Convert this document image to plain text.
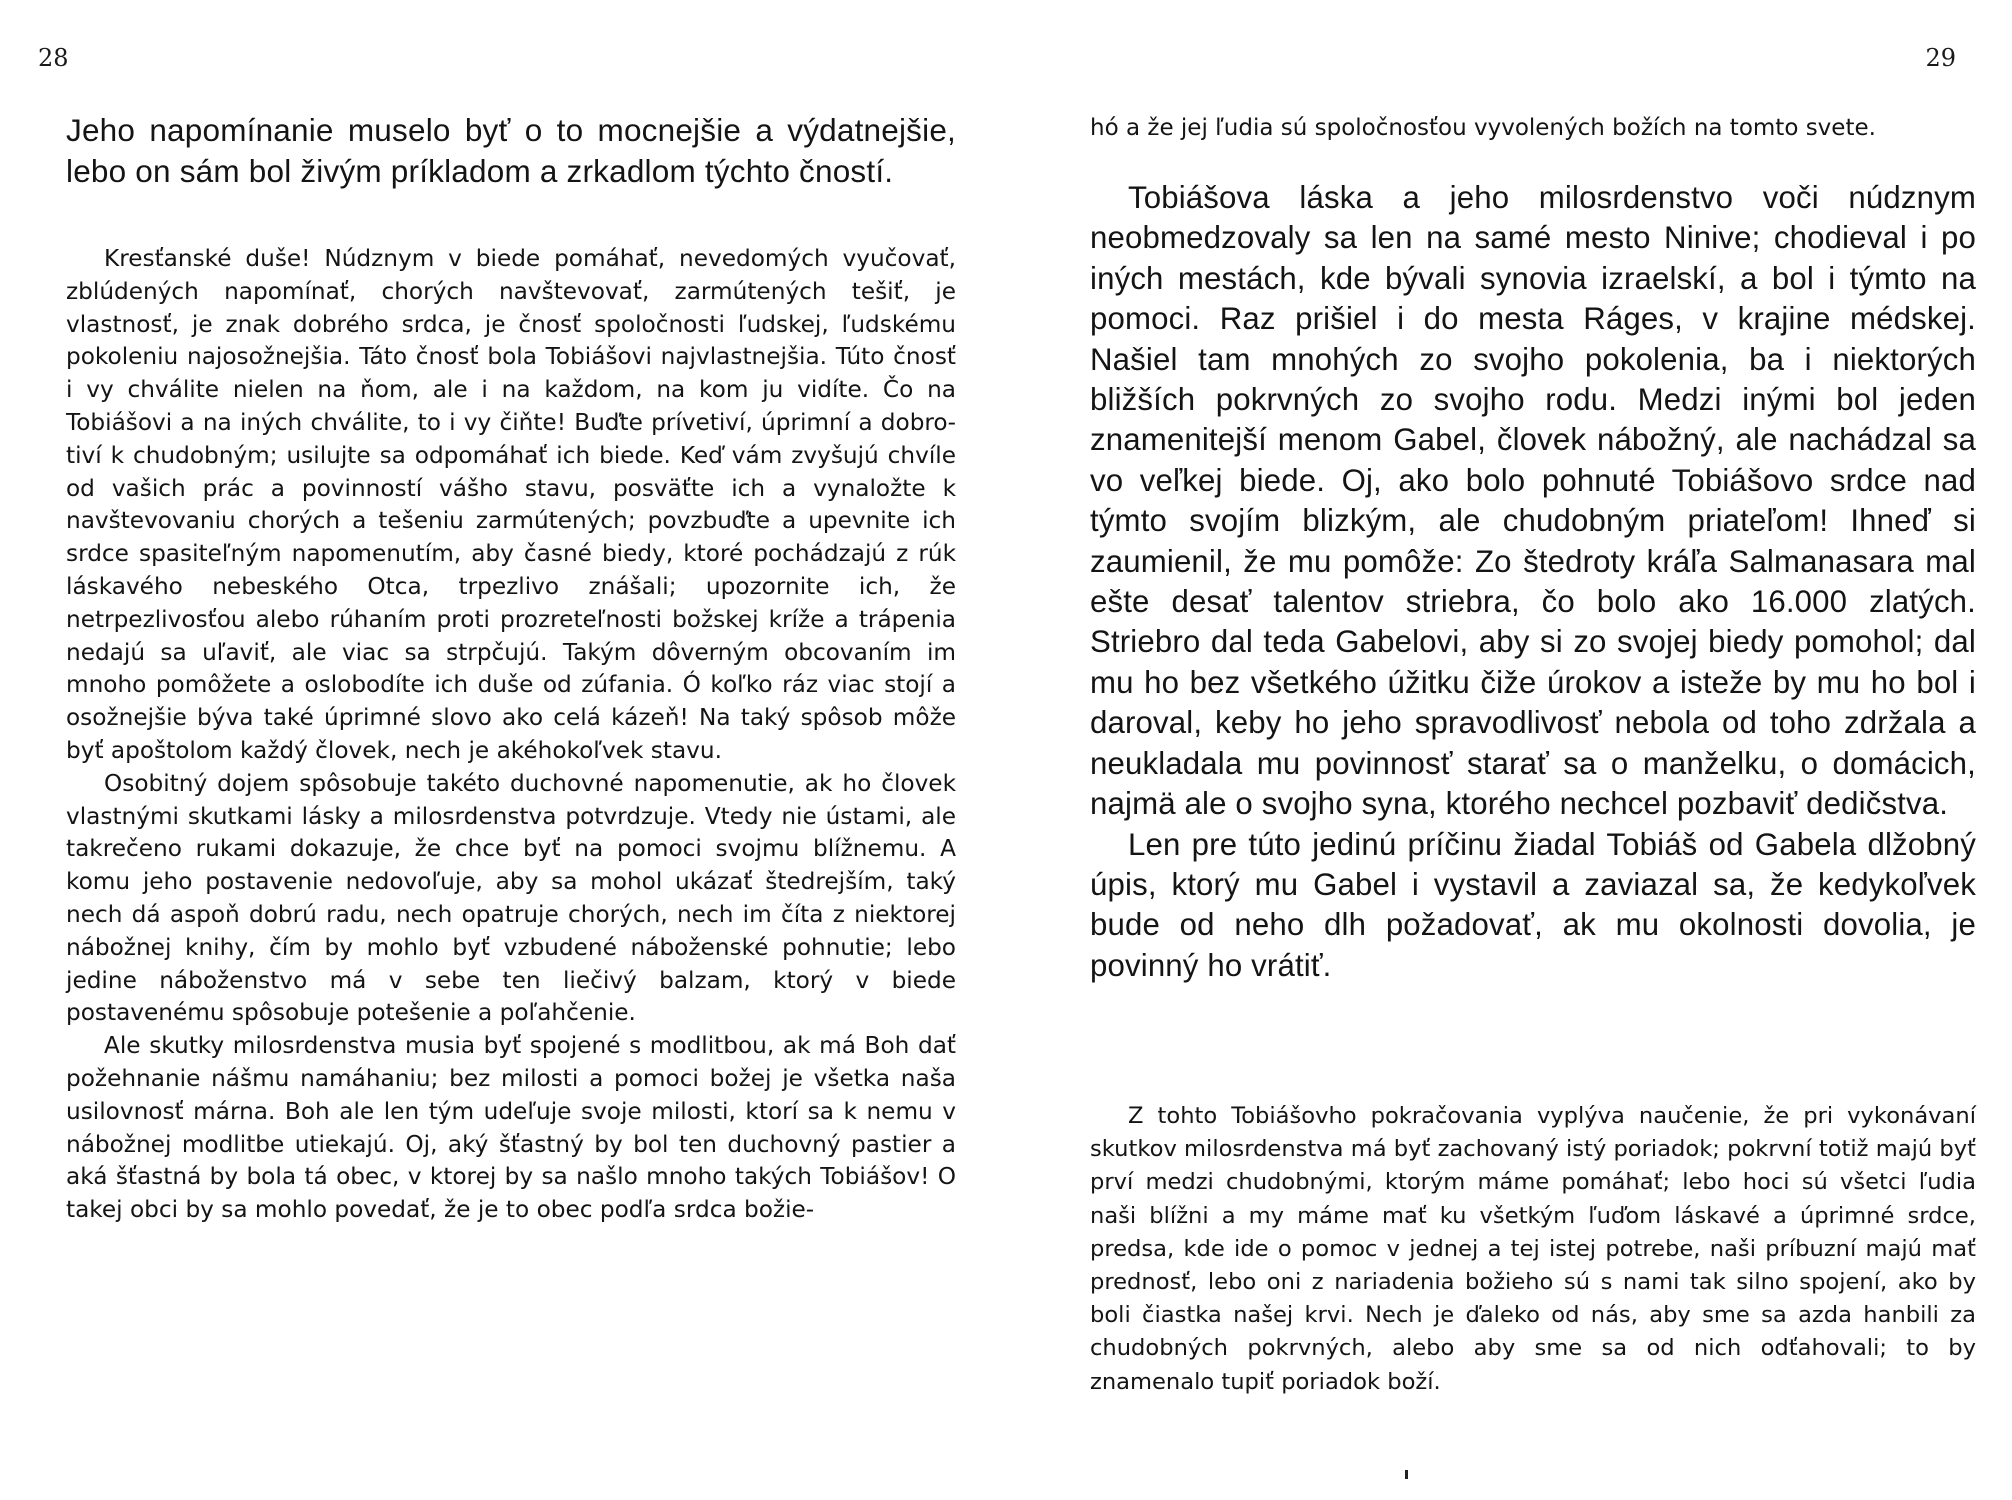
28

Jeho napomínanie muselo byť o to mocnejšie a výdatnejšie, lebo on sám bol živým príkladom a zrkadlom týchto čností.

Kresťanské duše! Núdznym v biede pomáhať, nevedomých vyučovať, zblúdených napomínať, chorých navštevovať, zarmútených tešiť, je vlastnosť, je znak dobrého srdca, je čnosť spoločnosti ľudskej, ľudskému pokoleniu najosožnejšia. Táto čnosť bola Tobiášovi najvlastnejšia. Túto čnosť i vy chválite nielen na ňom, ale i na každom, na kom ju vidíte. Čo na Tobiášovi a na iných chválite, to i vy čiňte! Buďte prívetiví, úprimní a dobrotiví k chudobným; usilujte sa odpomáhať ich biede. Keď vám zvyšujú chvíle od vašich prác a povinností vášho stavu, posväťte ich a vynaložte k navštevovaniu chorých a tešeniu zarmútených; povzbuďte a upevnite ich srdce spasiteľným napomenutím, aby časné biedy, ktoré pochádzajú z rúk láskavého nebeského Otca, trpezlivo znášali; upozornite ich, že netrpezlivosťou alebo rúhaním proti prozreteľnosti božskej kríže a trápenia nedajú sa uľaviť, ale viac sa strpčujú. Takým dôverným obcovaním im mnoho pomôžete a oslobodíte ich duše od zúfania. Ó koľko ráz viac stojí a osožnejšie býva také úprimné slovo ako celá kázeň! Na taký spôsob môže byť apoštolom každý človek, nech je akéhokoľvek stavu.

Osobitný dojem spôsobuje takéto duchovné napomenutie, ak ho človek vlastnými skutkami lásky a milosrdenstva potvrdzuje. Vtedy nie ústami, ale takrečeno rukami dokazuje, že chce byť na pomoci svojmu blížnemu. A komu jeho postavenie nedovoľuje, aby sa mohol ukázať štedrejším, taký nech dá aspoň dobrú radu, nech opatruje chorých, nech im číta z niektorej nábožnej knihy, čím by mohlo byť vzbudené náboženské pohnutie; lebo jedine náboženstvo má v sebe ten liečivý balzam, ktorý v biede postavenému spôsobuje potešenie a poľahčenie.

Ale skutky milosrdenstva musia byť spojené s modlitbou, ak má Boh dať požehnanie nášmu namáhaniu; bez milosti a pomoci božej je všetka naša usilovnosť márna. Boh ale len tým udeľuje svoje milosti, ktorí sa k nemu v nábožnej modlitbe utiekajú. Oj, aký šťastný by bol ten duchovný pastier a aká šťastná by bola tá obec, v ktorej by sa našlo mnoho takých Tobiášov! O takej obci by sa mohlo povedať, že je to obec podľa srdca božie-

29

hó a že jej ľudia sú spoločnosťou vyvolených božích na tomto svete.

Tobiášova láska a jeho milosrdenstvo voči núdznym neobmedzovaly sa len na samé mesto Ninive; chodieval i po iných mestách, kde bývali synovia izraelskí, a bol i týmto na pomoci. Raz prišiel i do mesta Ráges, v krajine médskej. Našiel tam mnohých zo svojho pokolenia, ba i niektorých bližších pokrvných zo svojho rodu. Medzi inými bol jeden znamenitejší menom Gabel, človek nábožný, ale nachádzal sa vo veľkej biede. Oj, ako bolo pohnuté Tobiášovo srdce nad týmto svojím blizkým, ale chudobným priateľom! Ihneď si zaumienil, že mu pomôže: Zo štedroty kráľa Salmanasara mal ešte desať talentov striebra, čo bolo ako 16.000 zlatých. Striebro dal teda Gabelovi, aby si zo svojej biedy pomohol; dal mu ho bez všetkého úžitku čiže úrokov a isteže by mu ho bol i daroval, keby ho jeho spravodlivosť nebola od toho zdržala a neukladala mu povinnosť starať sa o manželku, o domácich, najmä ale o svojho syna, ktorého nechcel pozbaviť dedičstva.

Len pre túto jedinú príčinu žiadal Tobiáš od Gabela dlžobný úpis, ktorý mu Gabel i vystavil a zaviazal sa, že kedykoľvek bude od neho dlh požadovať, ak mu okolnosti dovolia, je povinný ho vrátiť.

Z tohto Tobiášovho pokračovania vyplýva naučenie, že pri vykonávaní skutkov milosrdenstva má byť zachovaný istý poriadok; pokrvní totiž majú byť prví medzi chudobnými, ktorým máme pomáhať; lebo hoci sú všetci ľudia naši blížni a my máme mať ku všetkým ľuďom láskavé a úprimné srdce, predsa, kde ide o pomoc v jednej a tej istej potrebe, naši príbuzní majú mať prednosť, lebo oni z nariadenia božieho sú s nami tak silno spojení, ako by boli čiastka našej krvi. Nech je ďaleko od nás, aby sme sa azda hanbili za chudobných pokrvných, alebo aby sme sa od nich odťahovali; to by znamenalo tupiť poriadok boží.
